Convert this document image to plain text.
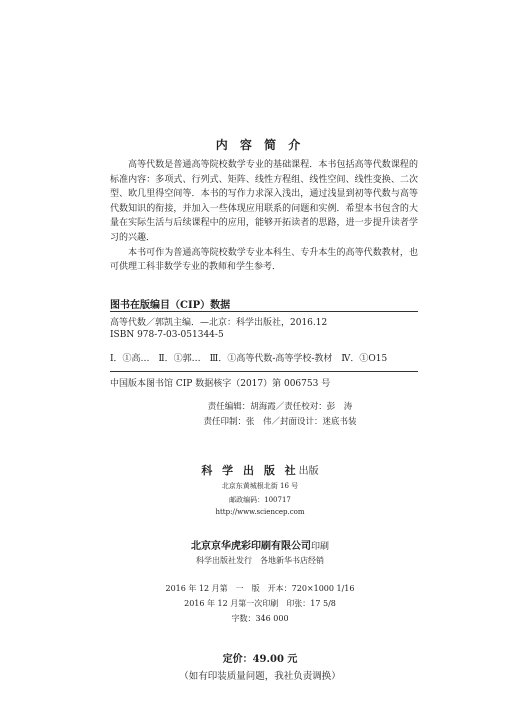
内 容 简 介

高等代数是普通高等院校数学专业的基础课程．本书包括高等代数课程的标准内容：多项式、行列式、矩阵、线性方程组、线性空间、线性变换、二次型、欧几里得空间等．本书的写作力求深入浅出，通过浅显到初等代数与高等代数知识的衔接，并加入一些体现应用联系的问题和实例．希望本书包含的大量在实际生活与后续课程中的应用，能够开拓读者的思路，进一步提升读者学习的兴趣．

本书可作为普通高等院校数学专业本科生、专升本生的高等代数教材，也可供理工科非数学专业的教师和学生参考．

图书在版编目（CIP）数据
高等代数／郭凯主编．—北京：科学出版社，2016.12
ISBN 978-7-03-051344-5
Ⅰ．①高…　Ⅱ．①郭…　Ⅲ．①高等代数-高等学校-教材　Ⅳ．①O15
中国版本图书馆 CIP 数据核字（2017）第 006753 号
责任编辑：胡海霞／责任校对：彭　涛
责任印制：张　伟／封面设计：迷底书装
科 学 出 版 社出版
北京东黄城根北街 16 号
邮政编码：100717
http://www.sciencep.com
北京京华虎彩印刷有限公司印刷
科学出版社发行　各地新华书店经销
2016 年 12 月第　一　版　开本：720×1000 1/16
2016 年 12 月第一次印刷　印张：17 5/8
字数：346 000
定价：49.00 元
（如有印装质量问题，我社负责调换）
